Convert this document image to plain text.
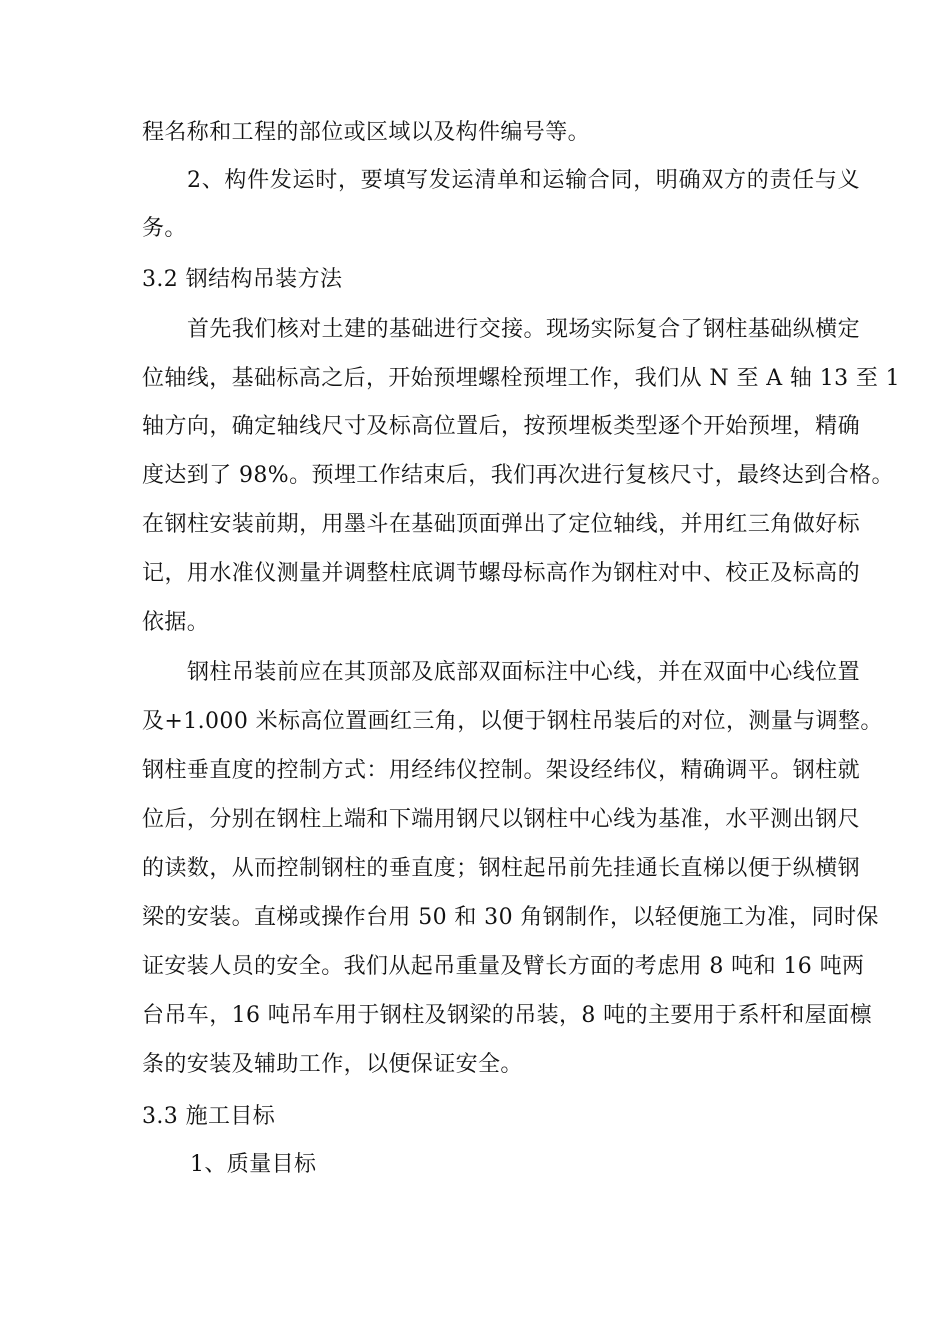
程名称和工程的部位或区域以及构件编号等。
2、构件发运时，要填写发运清单和运输合同，明确双方的责任与义
务。
3.2 钢结构吊装方法
首先我们核对土建的基础进行交接。现场实际复合了钢柱基础纵横定
位轴线，基础标高之后，开始预埋螺栓预埋工作，我们从 N 至 A 轴 13 至 1
轴方向，确定轴线尺寸及标高位置后，按预埋板类型逐个开始预埋，精确
度达到了 98%。预埋工作结束后，我们再次进行复核尺寸，最终达到合格。
在钢柱安装前期，用墨斗在基础顶面弹出了定位轴线，并用红三角做好标
记，用水准仪测量并调整柱底调节螺母标高作为钢柱对中、校正及标高的
依据。
钢柱吊装前应在其顶部及底部双面标注中心线，并在双面中心线位置
及+1.000 米标高位置画红三角，以便于钢柱吊装后的对位，测量与调整。
钢柱垂直度的控制方式：用经纬仪控制。架设经纬仪，精确调平。钢柱就
位后，分别在钢柱上端和下端用钢尺以钢柱中心线为基准，水平测出钢尺
的读数，从而控制钢柱的垂直度；钢柱起吊前先挂通长直梯以便于纵横钢
梁的安装。直梯或操作台用 50 和 30 角钢制作，以轻便施工为准，同时保
证安装人员的安全。我们从起吊重量及臂长方面的考虑用 8 吨和 16 吨两
台吊车，16 吨吊车用于钢柱及钢梁的吊装，8 吨的主要用于系杆和屋面檩
条的安装及辅助工作，以便保证安全。
3.3 施工目标
1、质量目标
